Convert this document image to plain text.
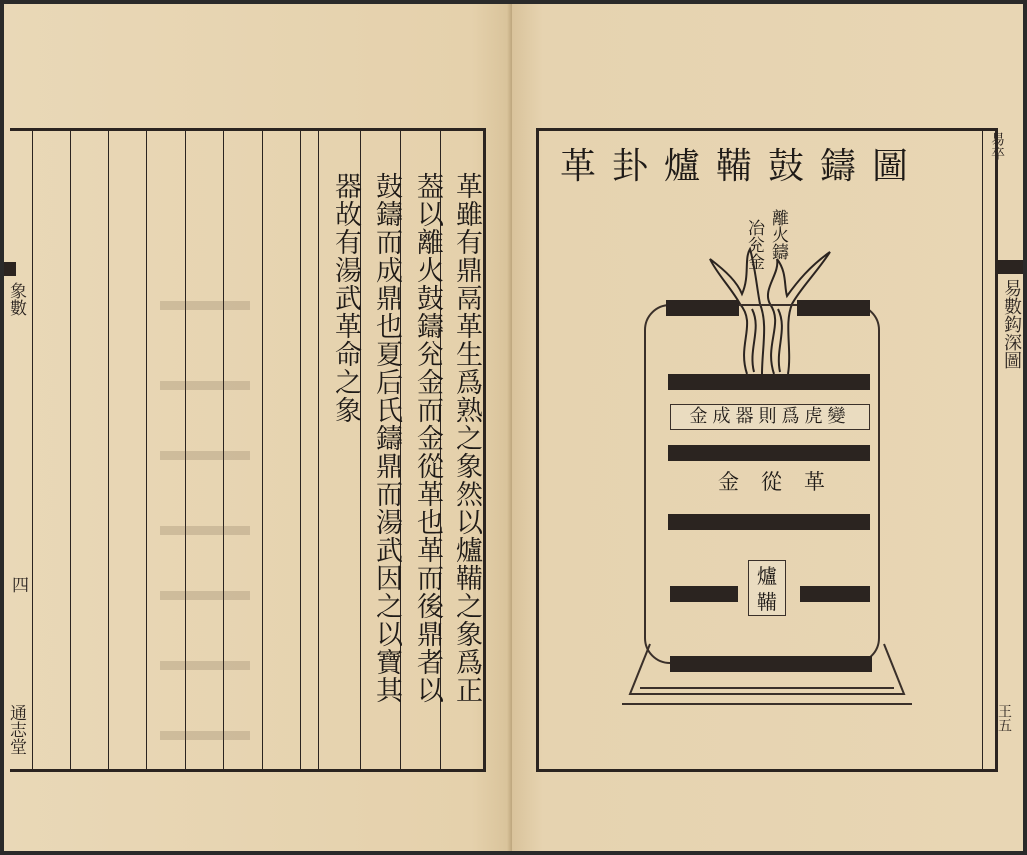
革雖有鼎鬲革生爲熟之象然以爐鞴之象爲正
葢以離火鼓鑄兊金而金從革也革而後鼎者以
鼓鑄而成鼎也夏后氏鑄鼎而湯武因之以寶其
器故有湯武革命之象
象數
四
通志堂
革卦爐鞴鼓鑄圖
離火鑄
冶兊金
金成器則爲虎變
金從革
爐
鞴
易卒
易數鈎深圖
王五
